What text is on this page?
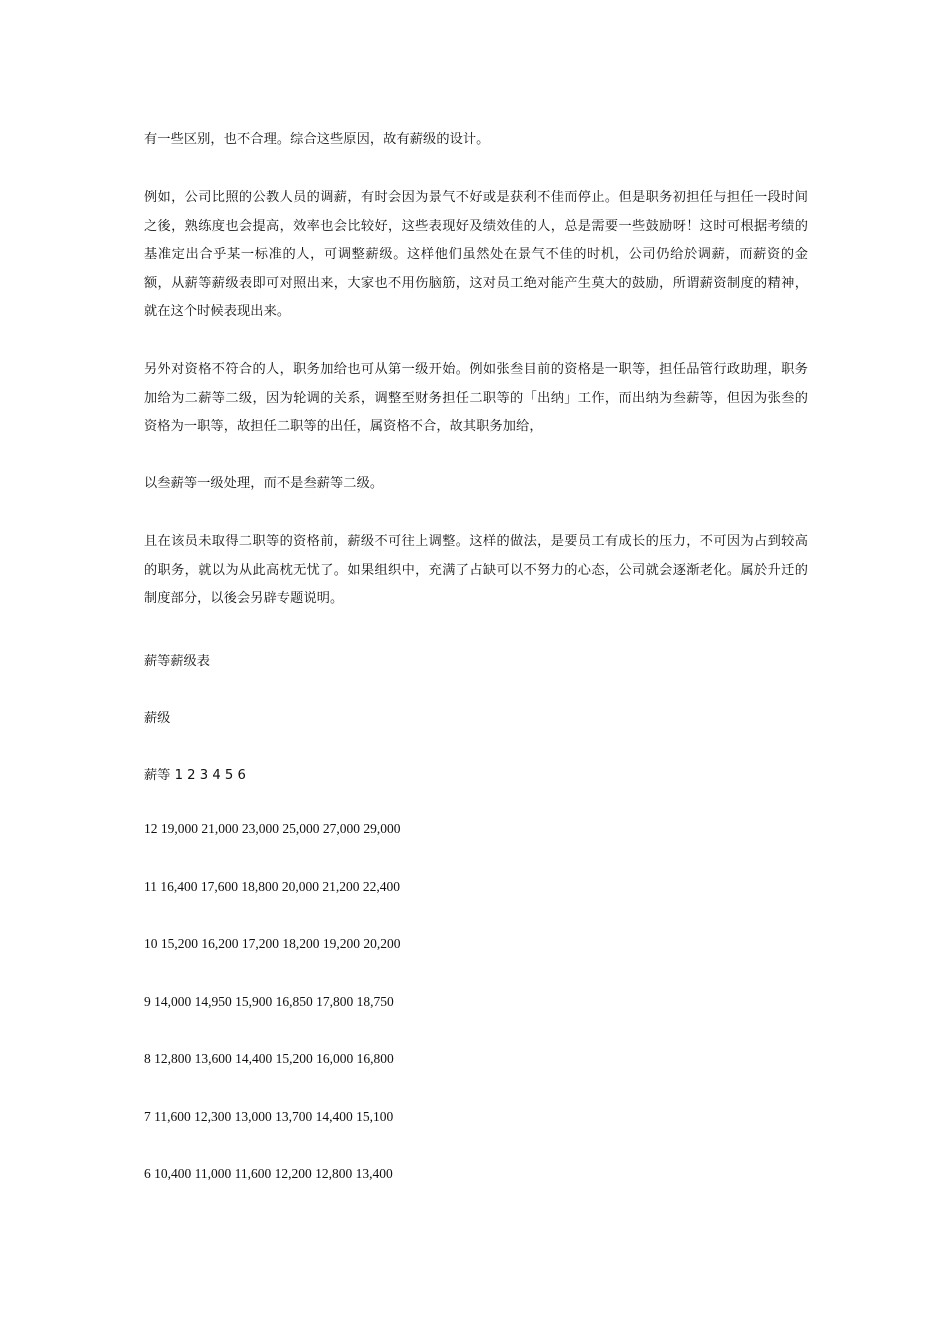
有一些区别，也不合理。综合这些原因，故有薪级的设计。

例如，公司比照的公教人员的调薪，有时会因为景气不好或是获利不佳而停止。但是职务初担任与担任一段时间之後，熟练度也会提高，效率也会比较好，这些表现好及绩效佳的人，总是需要一些鼓励呀！这时可根据考绩的基准定出合乎某一标准的人，可调整薪级。这样他们虽然处在景气不佳的时机，公司仍给於调薪，而薪资的金额，从薪等薪级表即可对照出来，大家也不用伤脑筋，这对员工绝对能产生莫大的鼓励，所谓薪资制度的精神，就在这个时候表现出来。

另外对资格不符合的人，职务加给也可从第一级开始。例如张叁目前的资格是一职等，担任品管行政助理，职务加给为二薪等二级，因为轮调的关系，调整至财务担任二职等的「出纳」工作，而出纳为叁薪等，但因为张叁的资格为一职等，故担任二职等的出任，属资格不合，故其职务加给，

以叁薪等一级处理，而不是叁薪等二级。

且在该员未取得二职等的资格前，薪级不可往上调整。这样的做法，是要员工有成长的压力，不可因为占到较高的职务，就以为从此高枕无忧了。如果组织中，充满了占缺可以不努力的心态，公司就会逐渐老化。属於升迁的制度部分，以後会另辟专题说明。

薪等薪级表
薪级
薪等 1 2 3 4 5 6
12 19,000 21,000 23,000 25,000 27,000 29,000
11 16,400 17,600 18,800 20,000 21,200 22,400
10 15,200 16,200 17,200 18,200 19,200 20,200
9 14,000 14,950 15,900 16,850 17,800 18,750
8 12,800 13,600 14,400 15,200 16,000 16,800
7 11,600 12,300 13,000 13,700 14,400 15,100
6 10,400 11,000 11,600 12,200 12,800 13,400
